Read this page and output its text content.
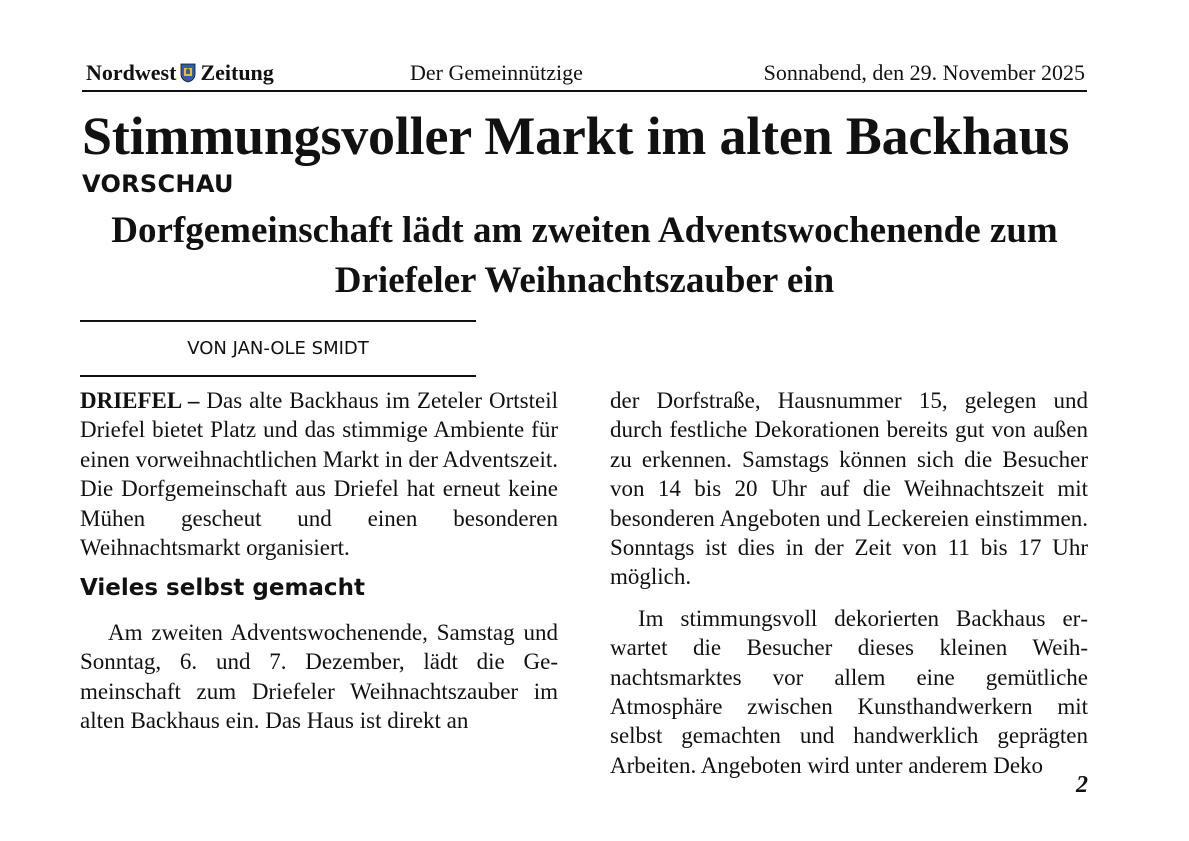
Nordwest Zeitung	Der Gemeinnützige	Sonnabend, den 29. November 2025
Stimmungsvoller Markt im alten Backhaus
VORSCHAU
Dorfgemeinschaft lädt am zweiten Adventswochenende zum Driefeler Weihnachtszauber ein
VON JAN-OLE SMIDT

DRIEFEL – Das alte Backhaus im Zeteler Ortsteil Driefel bietet Platz und das stimmige Ambiente für einen vorweihnachtlichen Markt in der Adventszeit. Die Dorfgemeinschaft aus Driefel hat erneut keine Mühen gescheut und einen besonderen Weihnachtsmarkt organisiert.

Vieles selbst gemacht

Am zweiten Adventswochenende, Samstag und Sonntag, 6. und 7. Dezember, lädt die Gemeinschaft zum Driefeler Weihnachtszauber im alten Backhaus ein. Das Haus ist direkt an

der Dorfstraße, Hausnummer 15, gelegen und durch festliche Dekorationen bereits gut von außen zu erkennen. Samstags können sich die Besucher von 14 bis 20 Uhr auf die Weihnachtszeit mit besonderen Angeboten und Leckereien einstimmen. Sonntags ist dies in der Zeit von 11 bis 17 Uhr möglich.

Im stimmungsvoll dekorierten Backhaus erwartet die Besucher dieses kleinen Weihnachtsmarktes vor allem eine gemütliche Atmosphäre zwischen Kunsthandwerkern mit selbst gemachten und handwerklich geprägten Arbeiten. Angeboten wird unter anderem Deko

2
